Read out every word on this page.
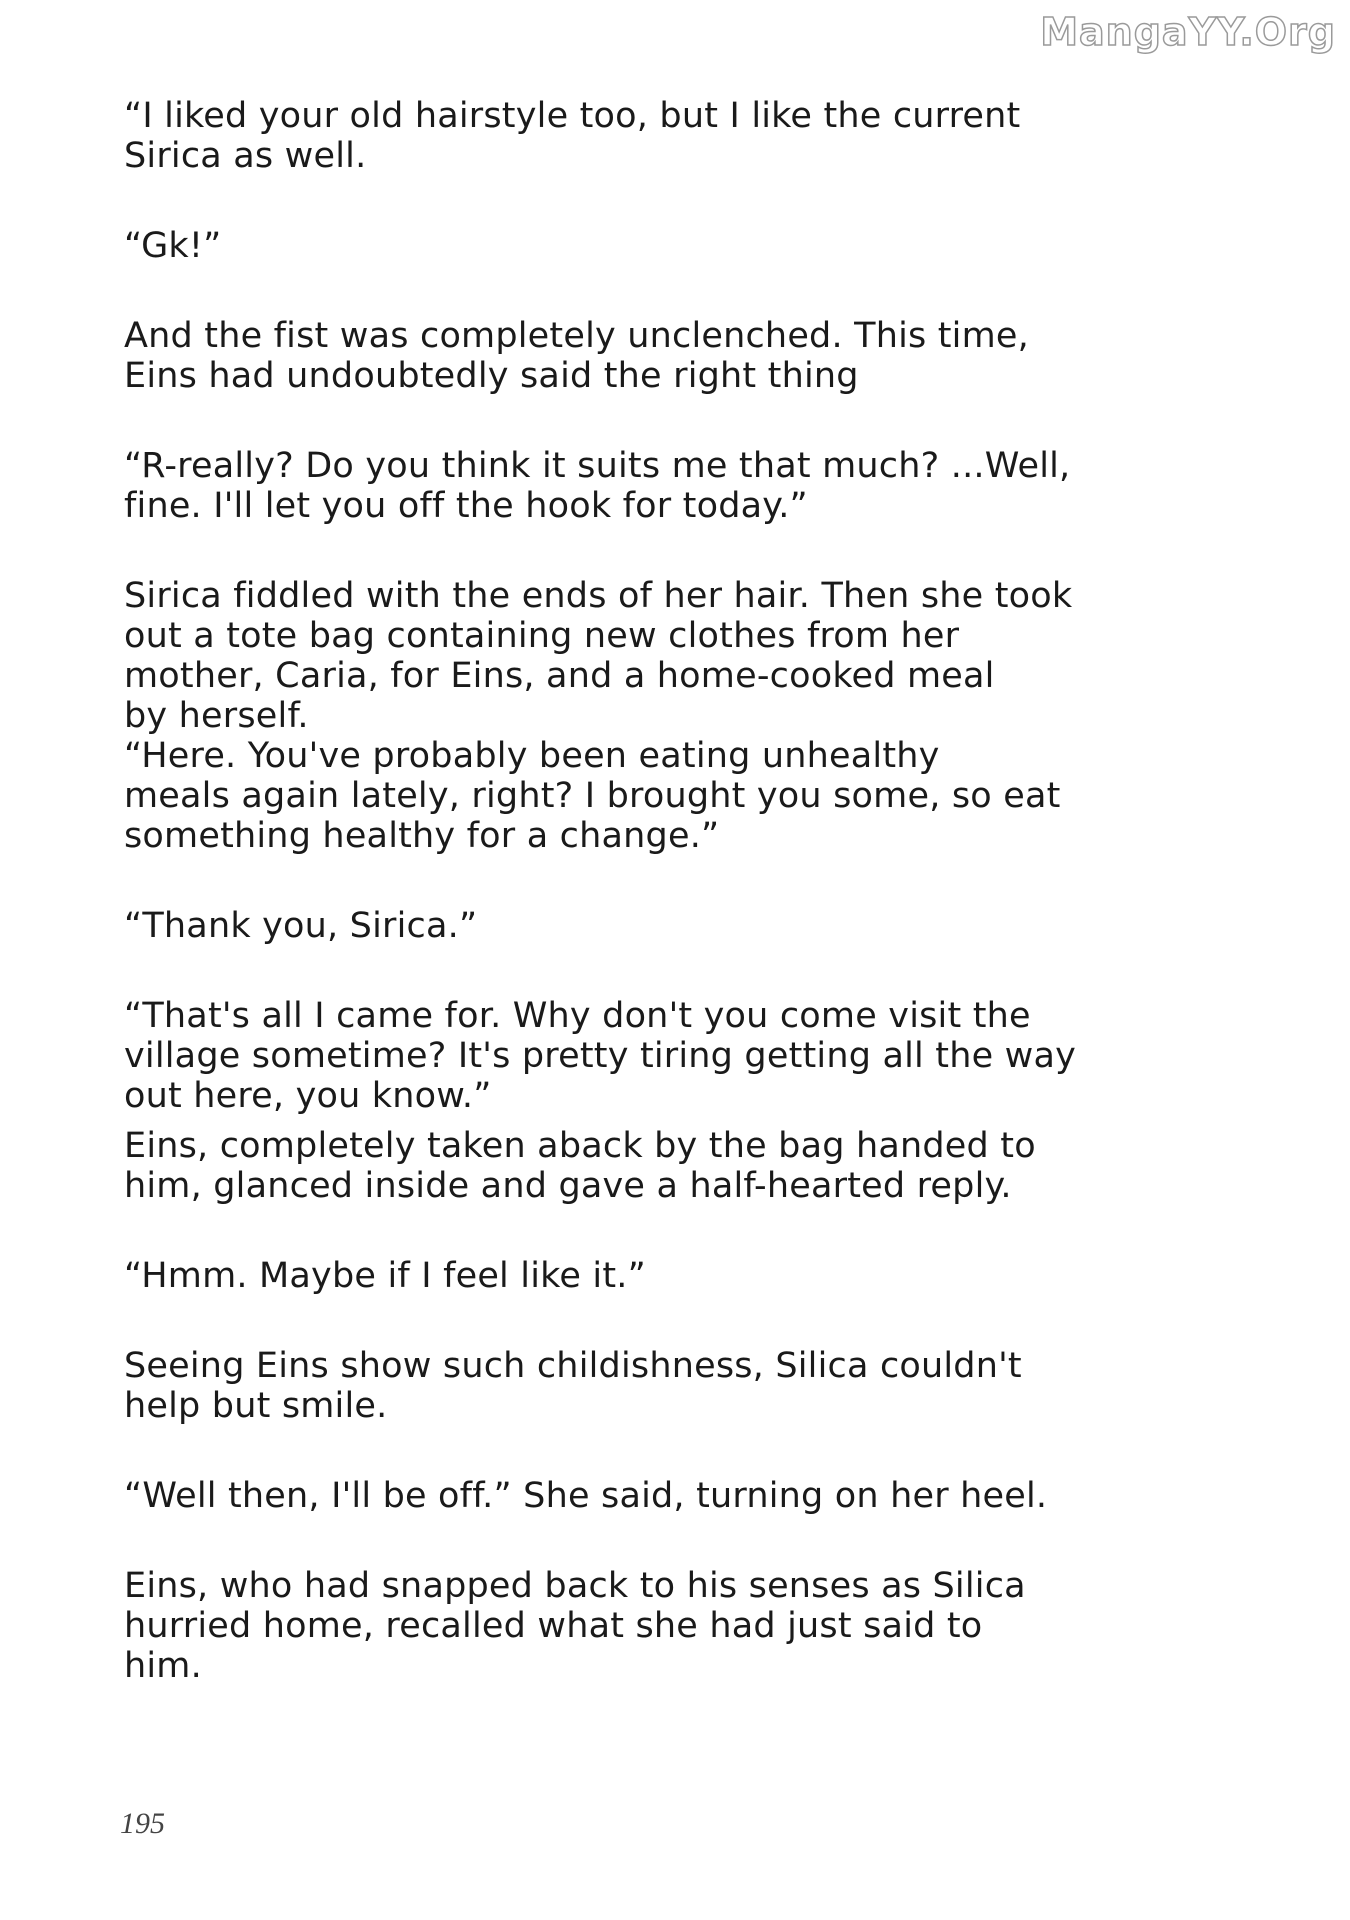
MangaYY.Org

“I liked your old hairstyle too, but I like the current
Sirica as well.

“Gk!”

And the fist was completely unclenched. This time,
Eins had undoubtedly said the right thing

“R-really? Do you think it suits me that much? ...Well,
fine. I'll let you off the hook for today.”

Sirica fiddled with the ends of her hair. Then she took
out a tote bag containing new clothes from her
mother, Caria, for Eins, and a home-cooked meal
by herself.

“Here. You've probably been eating unhealthy
meals again lately, right? I brought you some, so eat
something healthy for a change.”

“Thank you, Sirica.”

“That's all I came for. Why don't you come visit the
village sometime? It's pretty tiring getting all the way
out here, you know.”

Eins, completely taken aback by the bag handed to
him, glanced inside and gave a half-hearted reply.

“Hmm. Maybe if I feel like it.”

Seeing Eins show such childishness, Silica couldn't
help but smile.

“Well then, I'll be off.” She said, turning on her heel.

Eins, who had snapped back to his senses as Silica
hurried home, recalled what she had just said to
him.

195
